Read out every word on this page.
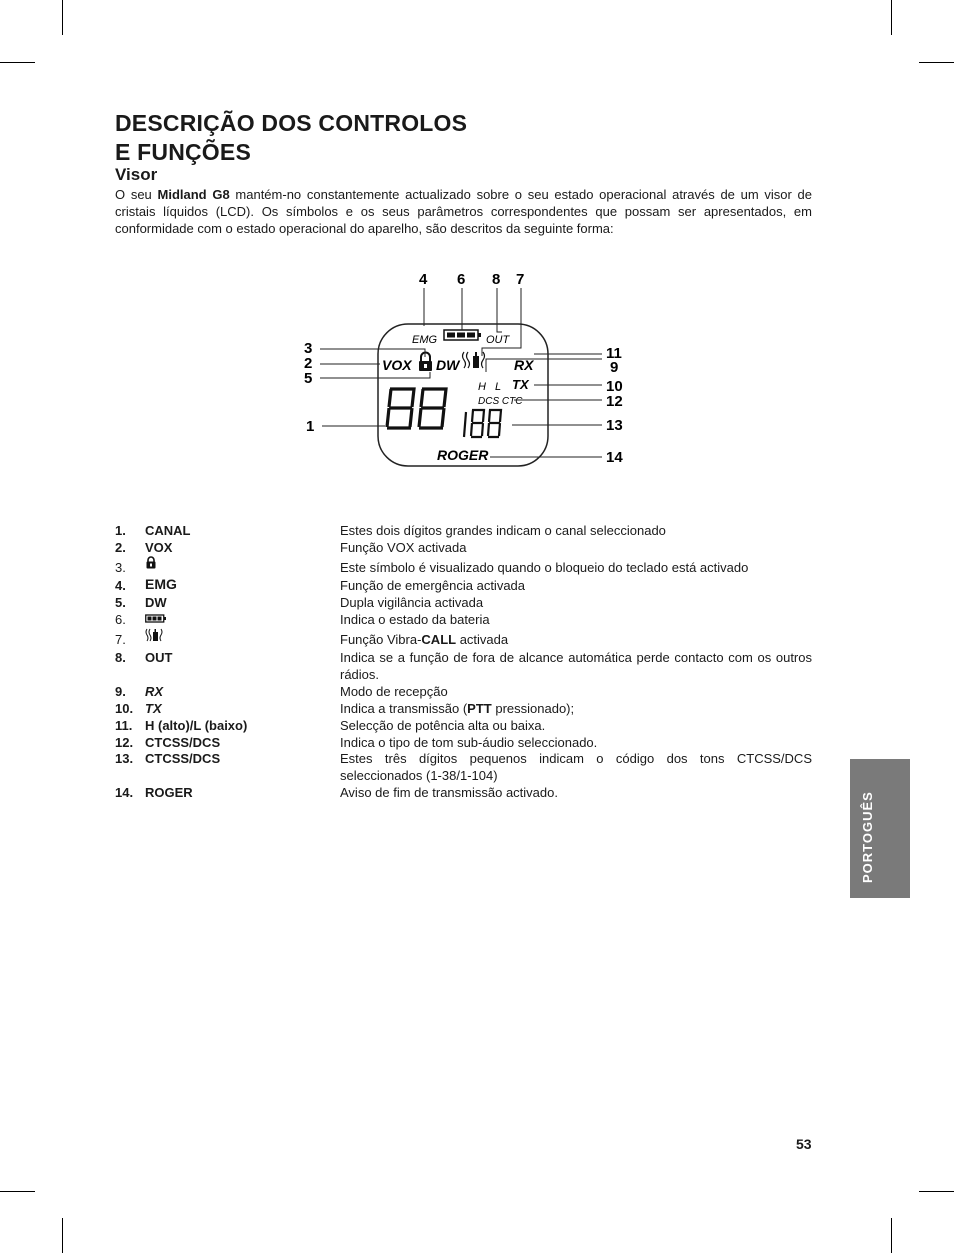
DESCRIÇÃO DOS CONTROLOS
E FUNÇÕES
Visor

O seu Midland G8 mantém-no constantemente actualizado sobre o seu estado operacional através de um visor de cristais líquidos (LCD). Os símbolos e os seus parâmetros correspondentes que possam ser apresentados, em conformidade com o estado operacional do aparelho, são descritos da seguinte forma:

4 6 8 7
3
2
5
1
11
9
10
12
13
14
EMG	OUT
VOX DW	RX
H L TX
DCS CTC
ROGER
1. CANAL	Estes dois dígitos grandes indicam o canal seleccionado
2. VOX	Função VOX activada
3.	Este símbolo é visualizado quando o bloqueio do teclado está activado
4. EMG	Função de emergência activada
5. DW	Dupla vigilância activada
6.	Indica o estado da bateria
7.	Função Vibra-CALL activada
8. OUT	Indica se a função de fora de alcance automática perde contacto com os outros rádios.
9. RX	Modo de recepção
10. TX	Indica a transmissão (PTT pressionado);
11. H (alto)/L (baixo)	Selecção de potência alta ou baixa.
12. CTCSS/DCS	Indica o tipo de tom sub-áudio seleccionado.
13. CTCSS/DCS	Estes três dígitos pequenos indicam o código dos tons CTCSS/DCS seleccionados (1-38/1-104)
14. ROGER	Aviso de fim de transmissão activado.	PORTOGUÊS
53
